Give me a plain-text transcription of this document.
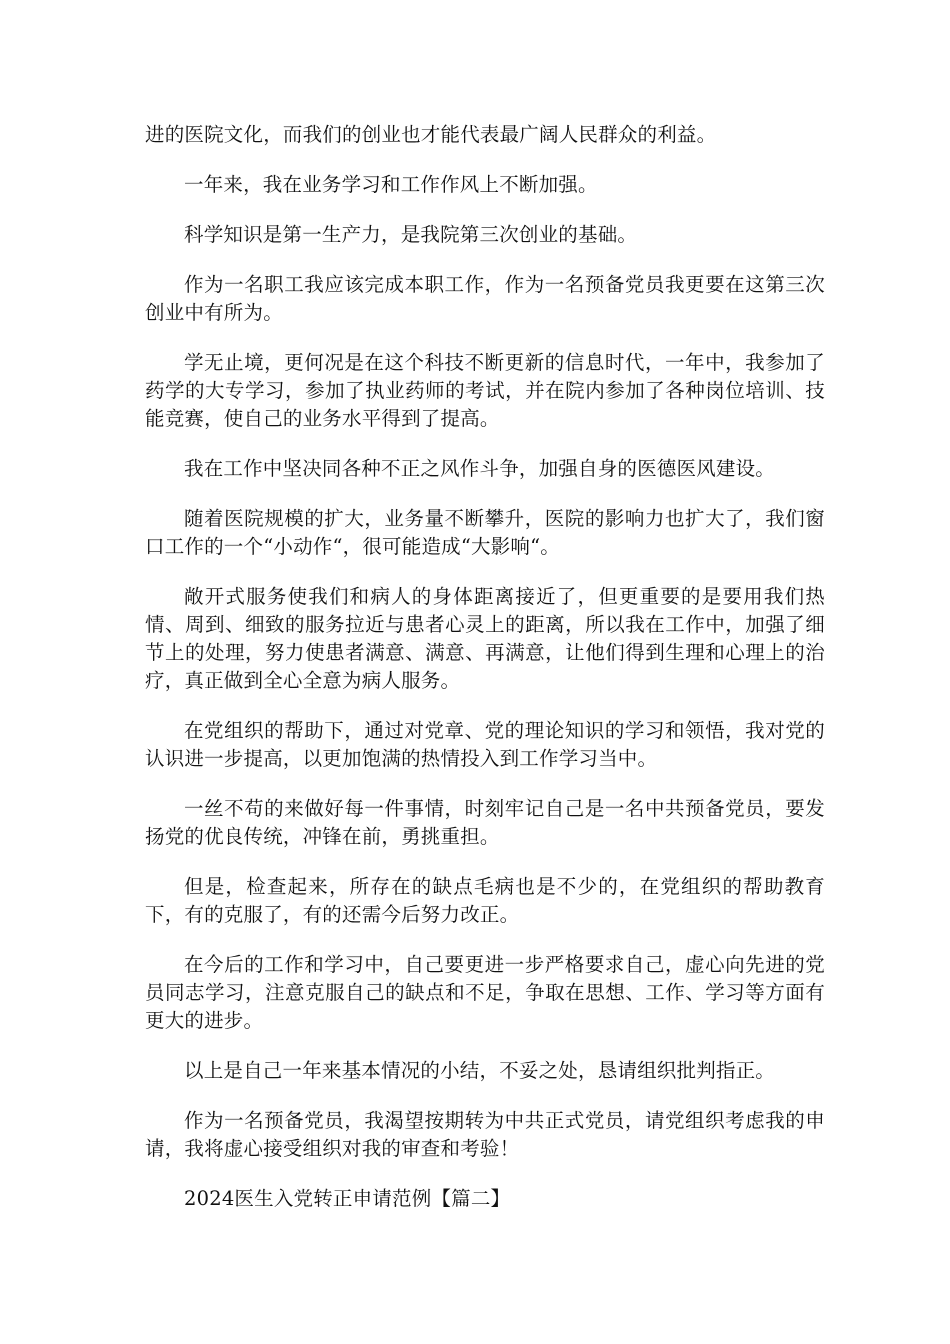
进的医院文化，而我们的创业也才能代表最广阔人民群众的利益。

一年来，我在业务学习和工作作风上不断加强。

科学知识是第一生产力，是我院第三次创业的基础。

作为一名职工我应该完成本职工作，作为一名预备党员我更要在这第三次创业中有所为。

学无止境，更何况是在这个科技不断更新的信息时代，一年中，我参加了药学的大专学习，参加了执业药师的考试，并在院内参加了各种岗位培训、技能竞赛，使自己的业务水平得到了提高。

我在工作中坚决同各种不正之风作斗争，加强自身的医德医风建设。

随着医院规模的扩大，业务量不断攀升，医院的影响力也扩大了，我们窗口工作的一个“小动作“，很可能造成“大影响“。

敞开式服务使我们和病人的身体距离接近了，但更重要的是要用我们热情、周到、细致的服务拉近与患者心灵上的距离，所以我在工作中，加强了细节上的处理，努力使患者满意、满意、再满意，让他们得到生理和心理上的治疗，真正做到全心全意为病人服务。

在党组织的帮助下，通过对党章、党的理论知识的学习和领悟，我对党的认识进一步提高，以更加饱满的热情投入到工作学习当中。

一丝不苟的来做好每一件事情，时刻牢记自己是一名中共预备党员，要发扬党的优良传统，冲锋在前，勇挑重担。

但是，检查起来，所存在的缺点毛病也是不少的，在党组织的帮助教育下，有的克服了，有的还需今后努力改正。

在今后的工作和学习中，自己要更进一步严格要求自己，虚心向先进的党员同志学习，注意克服自己的缺点和不足，争取在思想、工作、学习等方面有更大的进步。

以上是自己一年来基本情况的小结，不妥之处，恳请组织批判指正。

作为一名预备党员，我渴望按期转为中共正式党员，请党组织考虑我的申请，我将虚心接受组织对我的审查和考验！

2024医生入党转正申请范例【篇二】
